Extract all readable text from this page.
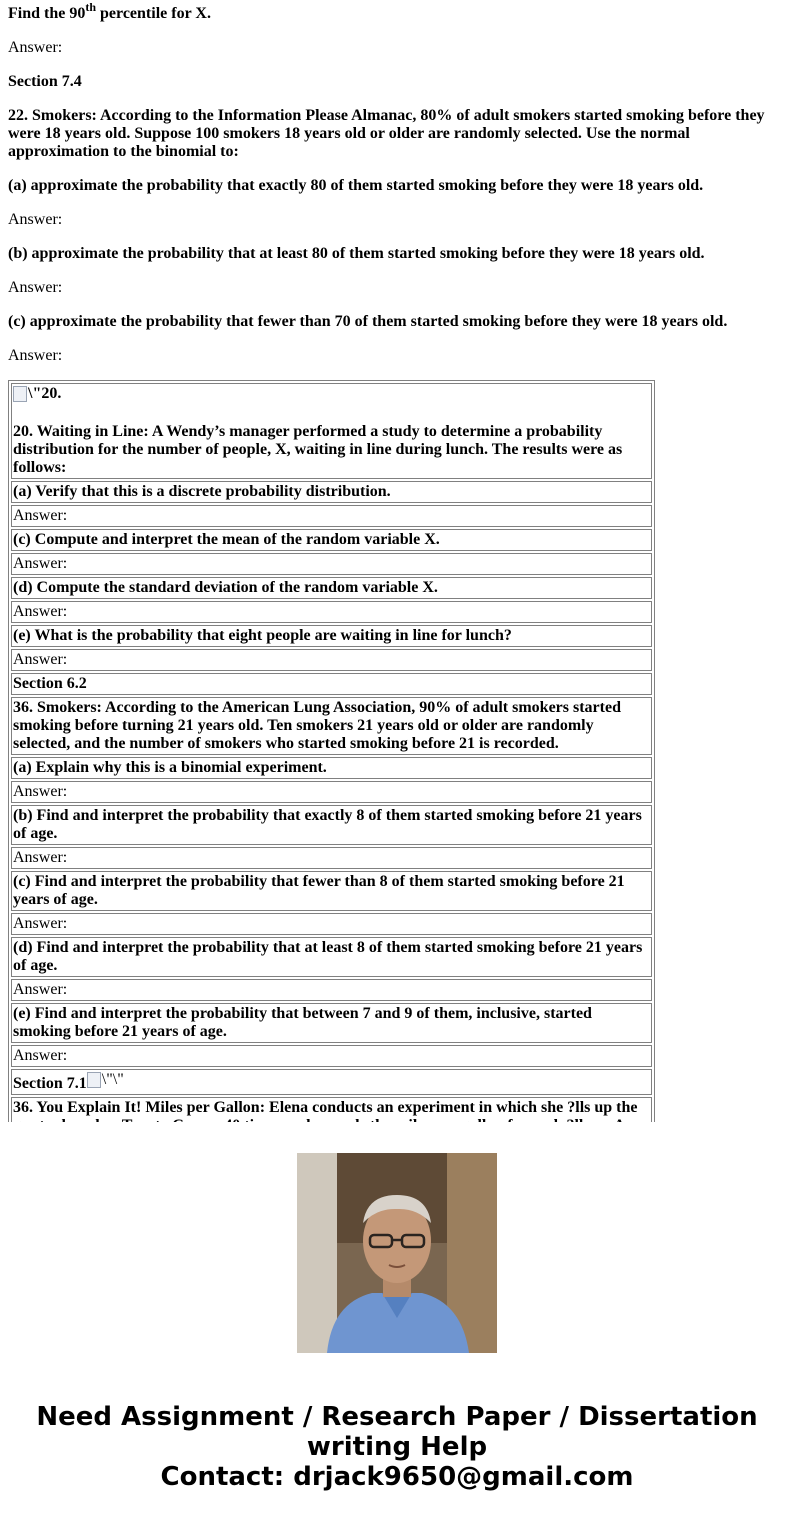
Find the 90th percentile for X.

Answer:

Section 7.4

22. Smokers: According to the Information Please Almanac, 80% of adult smokers started smoking before they were 18 years old. Suppose 100 smokers 18 years old or older are randomly selected. Use the normal approximation to the binomial to:

(a) approximate the probability that exactly 80 of them started smoking before they were 18 years old.

Answer:

(b) approximate the probability that at least 80 of them started smoking before they were 18 years old.

Answer:

(c) approximate the probability that fewer than 70 of them started smoking before they were 18 years old.

Answer:

\"20.
20. Waiting in Line: A Wendy’s manager performed a study to determine a probability distribution for the number of people, X, waiting in line during lunch. The results were as follows:

(a) Verify that this is a discrete probability distribution.
Answer:
(c) Compute and interpret the mean of the random variable X.
Answer:
(d) Compute the standard deviation of the random variable X.
Answer:
(e) What is the probability that eight people are waiting in line for lunch?
Answer:
Section 6.2
36. Smokers: According to the American Lung Association, 90% of adult smokers started smoking before turning 21 years old. Ten smokers 21 years old or older are randomly selected, and the number of smokers who started smoking before 21 is recorded.
(a) Explain why this is a binomial experiment.
Answer:
(b) Find and interpret the probability that exactly 8 of them started smoking before 21 years of age.
Answer:
(c) Find and interpret the probability that fewer than 8 of them started smoking before 21 years of age.
Answer:
(d) Find and interpret the probability that at least 8 of them started smoking before 21 years of age.
Answer:
(e) Find and interpret the probability that between 7 and 9 of them, inclusive, started smoking before 21 years of age.
Answer:
Section 7.1 \"\"

36. You Explain It! Miles per Gallon: Elena conducts an experiment in which she ?lls up the
Need Assignment / Research Paper / Dissertation
writing Help
Contact: drjack9650@gmail.com
